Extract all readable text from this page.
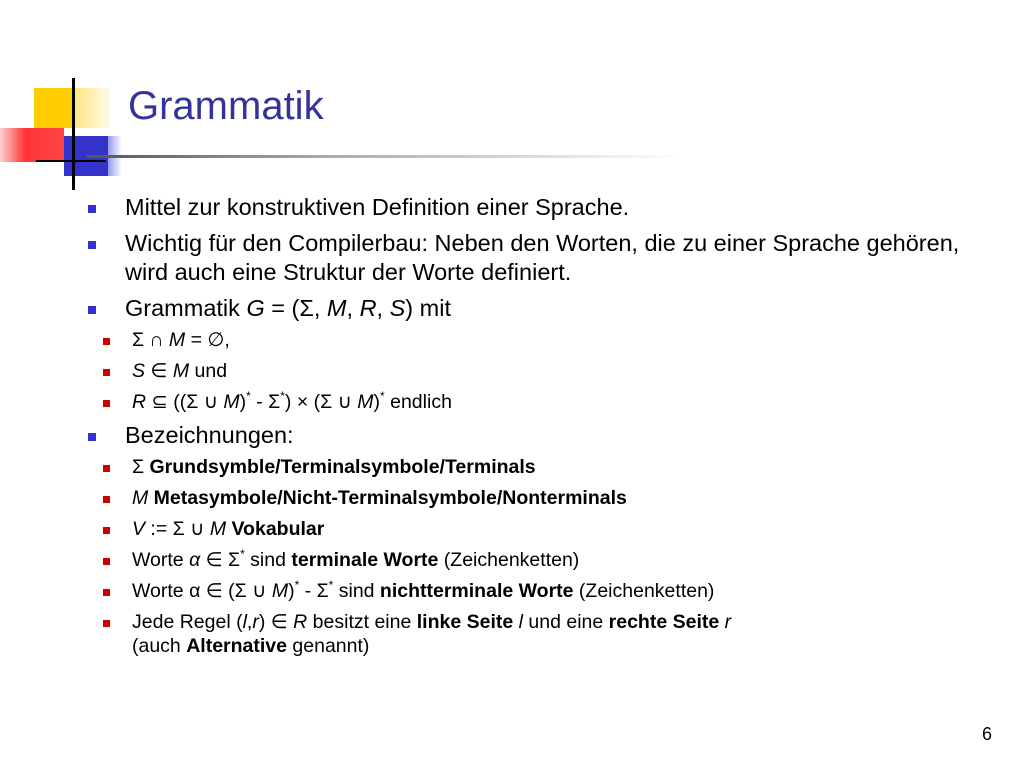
Grammatik
Mittel zur konstruktiven Definition einer Sprache.
Wichtig für den Compilerbau: Neben den Worten, die zu einer Sprache gehören, wird auch eine Struktur der Worte definiert.
Grammatik G = (Σ, M, R, S) mit
Σ ∩ M = ∅,
S ∈ M und
R ⊆ ((Σ ∪ M)* - Σ*) × (Σ ∪ M)* endlich
Bezeichnungen:
Σ Grundsymble/Terminalsymbole/Terminals
M Metasymbole/Nicht-Terminalsymbole/Nonterminals
V := Σ ∪ M Vokabular
Worte α ∈ Σ* sind terminale Worte (Zeichenketten)
Worte α ∈ (Σ ∪ M)* - Σ* sind nichtterminale Worte (Zeichenketten)
Jede Regel (l,r) ∈ R besitzt eine linke Seite l und eine rechte Seite r
(auch Alternative genannt)
6
